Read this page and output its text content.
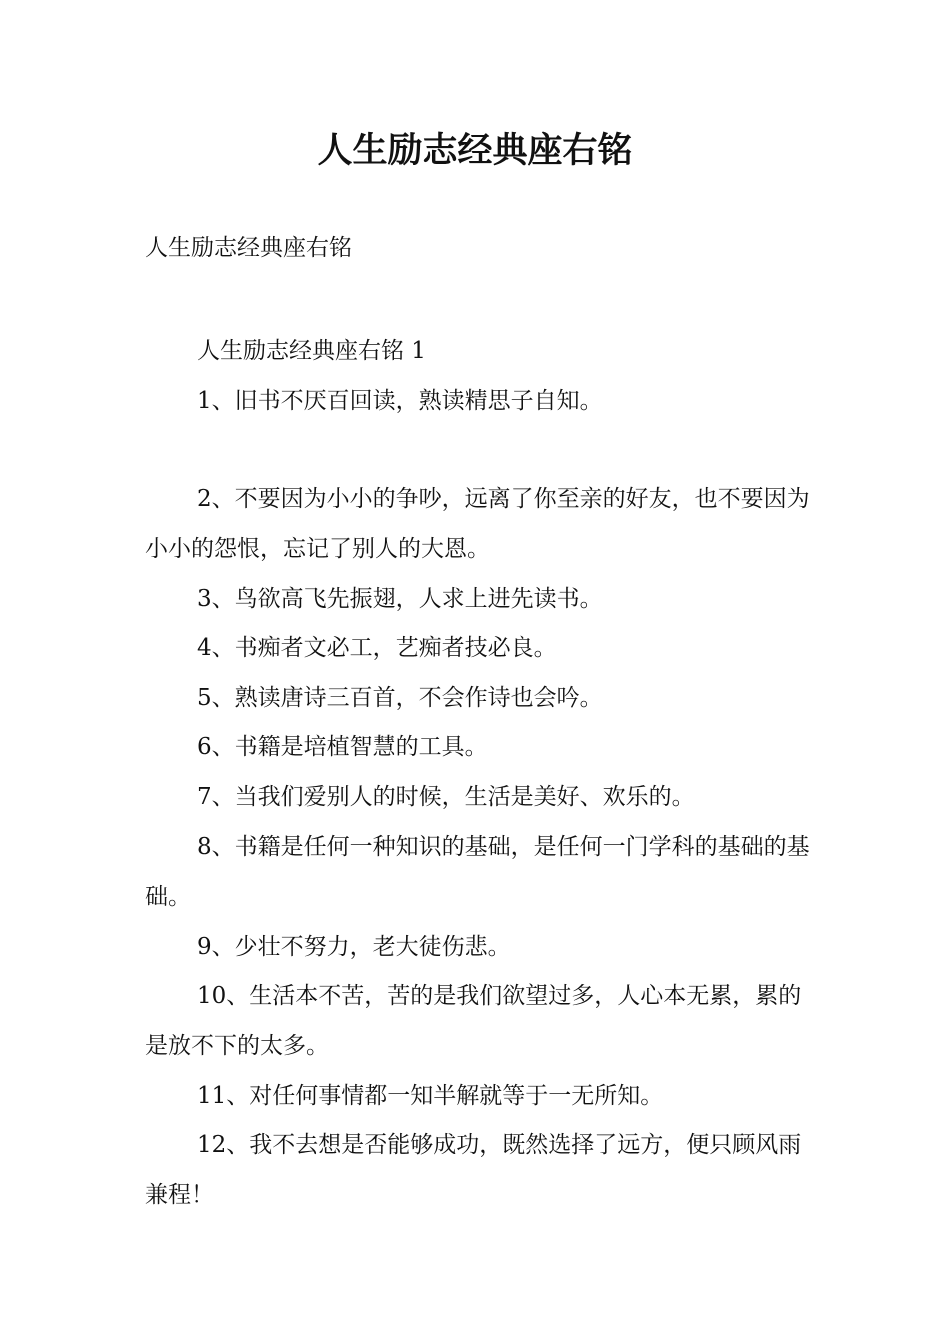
人生励志经典座右铭

人生励志经典座右铭

人生励志经典座右铭 1

1、旧书不厌百回读，熟读精思子自知。

2、不要因为小小的争吵，远离了你至亲的好友，也不要因为小小的怨恨，忘记了别人的大恩。

3、鸟欲高飞先振翅，人求上进先读书。

4、书痴者文必工，艺痴者技必良。

5、熟读唐诗三百首，不会作诗也会吟。

6、书籍是培植智慧的工具。

7、当我们爱别人的时候，生活是美好、欢乐的。

8、书籍是任何一种知识的基础，是任何一门学科的基础的基础。

9、少壮不努力，老大徒伤悲。

10、生活本不苦，苦的是我们欲望过多，人心本无累，累的是放不下的太多。

11、对任何事情都一知半解就等于一无所知。

12、我不去想是否能够成功，既然选择了远方，便只顾风雨兼程！
